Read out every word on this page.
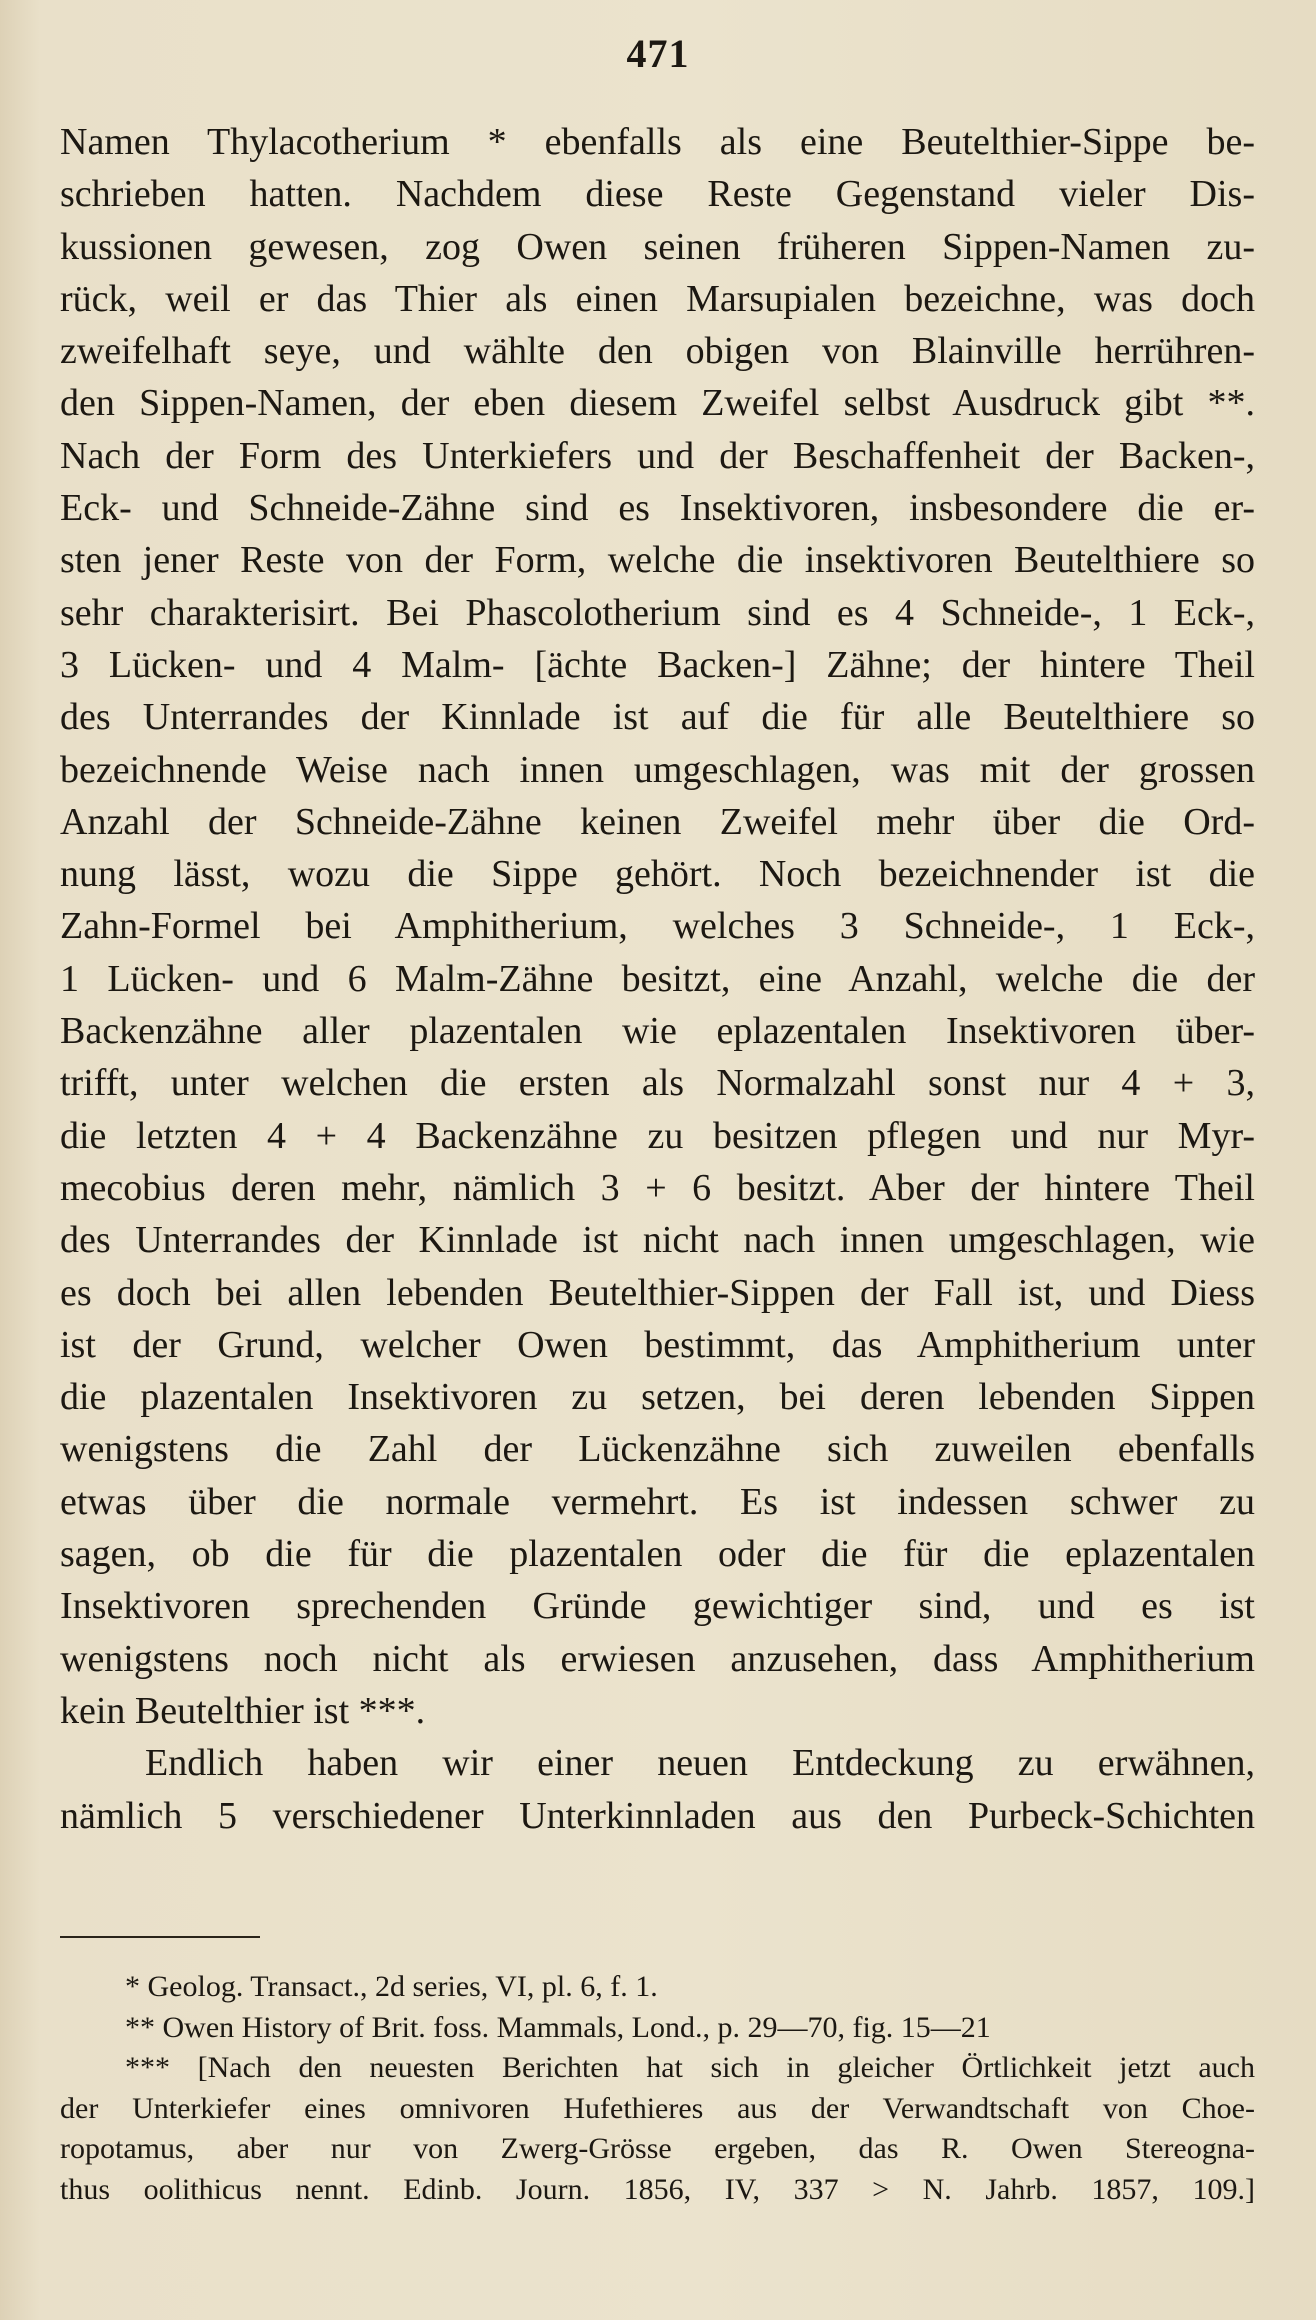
471
Namen Thylacotherium * ebenfalls als eine Beutelthier-Sippe be-
schrieben hatten. Nachdem diese Reste Gegenstand vieler Dis-
kussionen gewesen, zog Owen seinen früheren Sippen-Namen zu-
rück, weil er das Thier als einen Marsupialen bezeichne, was doch
zweifelhaft seye, und wählte den obigen von Blainville herrühren-
den Sippen-Namen, der eben diesem Zweifel selbst Ausdruck gibt **.
Nach der Form des Unterkiefers und der Beschaffenheit der Backen-,
Eck- und Schneide-Zähne sind es Insektivoren, insbesondere die er-
sten jener Reste von der Form, welche die insektivoren Beutelthiere so
sehr charakterisirt. Bei Phascolotherium sind es 4 Schneide-, 1 Eck-,
3 Lücken- und 4 Malm- [ächte Backen-] Zähne; der hintere Theil
des Unterrandes der Kinnlade ist auf die für alle Beutelthiere so
bezeichnende Weise nach innen umgeschlagen, was mit der grossen
Anzahl der Schneide-Zähne keinen Zweifel mehr über die Ord-
nung lässt, wozu die Sippe gehört. Noch bezeichnender ist die
Zahn-Formel bei Amphitherium, welches 3 Schneide-, 1 Eck-,
1 Lücken- und 6 Malm-Zähne besitzt, eine Anzahl, welche die der
Backenzähne aller plazentalen wie eplazentalen Insektivoren über-
trifft, unter welchen die ersten als Normalzahl sonst nur 4 + 3,
die letzten 4 + 4 Backenzähne zu besitzen pflegen und nur Myr-
mecobius deren mehr, nämlich 3 + 6 besitzt. Aber der hintere Theil
des Unterrandes der Kinnlade ist nicht nach innen umgeschlagen, wie
es doch bei allen lebenden Beutelthier-Sippen der Fall ist, und Diess
ist der Grund, welcher Owen bestimmt, das Amphitherium unter
die plazentalen Insektivoren zu setzen, bei deren lebenden Sippen
wenigstens die Zahl der Lückenzähne sich zuweilen ebenfalls
etwas über die normale vermehrt. Es ist indessen schwer zu
sagen, ob die für die plazentalen oder die für die eplazentalen
Insektivoren sprechenden Gründe gewichtiger sind, und es ist
wenigstens noch nicht als erwiesen anzusehen, dass Amphitherium
kein Beutelthier ist ***.
Endlich haben wir einer neuen Entdeckung zu erwähnen,
nämlich 5 verschiedener Unterkinnladen aus den Purbeck-Schichten
* Geolog. Transact., 2d series, VI, pl. 6, f. 1.
** Owen History of Brit. foss. Mammals, Lond., p. 29—70, fig. 15—21
*** [Nach den neuesten Berichten hat sich in gleicher Örtlichkeit jetzt auch
der Unterkiefer eines omnivoren Hufethieres aus der Verwandtschaft von Choe-
ropotamus, aber nur von Zwerg-Grösse ergeben, das R. Owen Stereogna-
thus oolithicus nennt. Edinb. Journ. 1856, IV, 337 > N. Jahrb. 1857, 109.]
